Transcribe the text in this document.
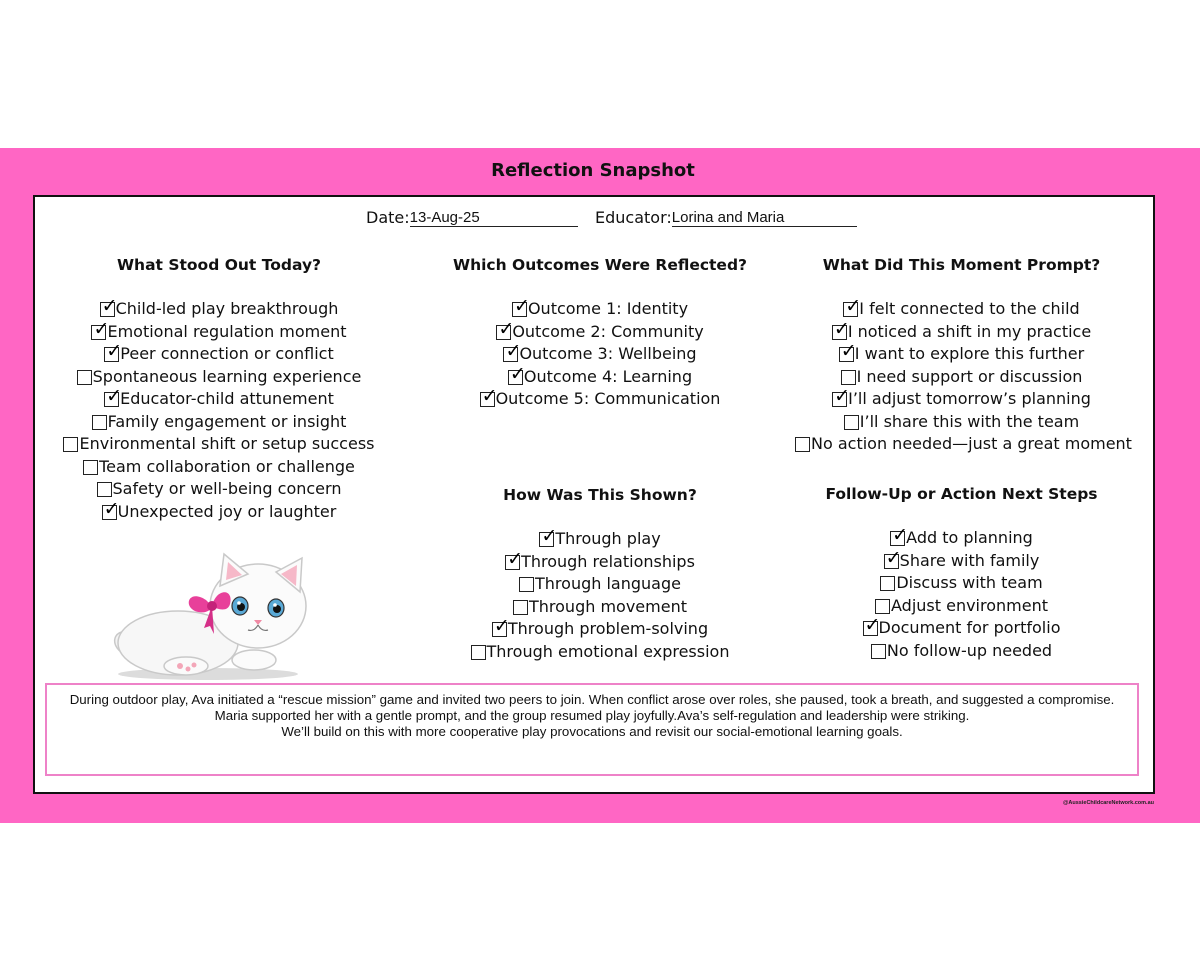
Reflection Snapshot
Date:13-Aug-25	Educator:Lorina and Maria
What Stood Out Today?
✓Child-led play breakthrough
✓Emotional regulation moment
✓Peer connection or conflict
Spontaneous learning experience
✓Educator-child attunement
Family engagement or insight
Environmental shift or setup success
Team collaboration or challenge
Safety or well-being concern
✓Unexpected joy or laughter
Which Outcomes Were Reflected?
✓Outcome 1: Identity
✓Outcome 2: Community
✓Outcome 3: Wellbeing
✓Outcome 4: Learning
✓Outcome 5: Communication
What Did This Moment Prompt?
✓I felt connected to the child
✓I noticed a shift in my practice
✓I want to explore this further
I need support or discussion
✓I’ll adjust tomorrow’s planning
I’ll share this with the team
No action needed—just a great moment
How Was This Shown?
✓Through play
✓Through relationships
Through language
Through movement
✓Through problem-solving
Through emotional expression
Follow-Up or Action Next Steps
✓Add to planning
✓Share with family
Discuss with team
Adjust environment
✓Document for portfolio
No follow-up needed
During outdoor play, Ava initiated a “rescue mission” game and invited two peers to join. When conflict arose over roles, she paused, took a breath, and suggested a compromise.
Maria supported her with a gentle prompt, and the group resumed play joyfully.Ava’s self-regulation and leadership were striking.
We’ll build on this with more cooperative play provocations and revisit our social-emotional learning goals.
@AussieChildcareNetwork.com.au
